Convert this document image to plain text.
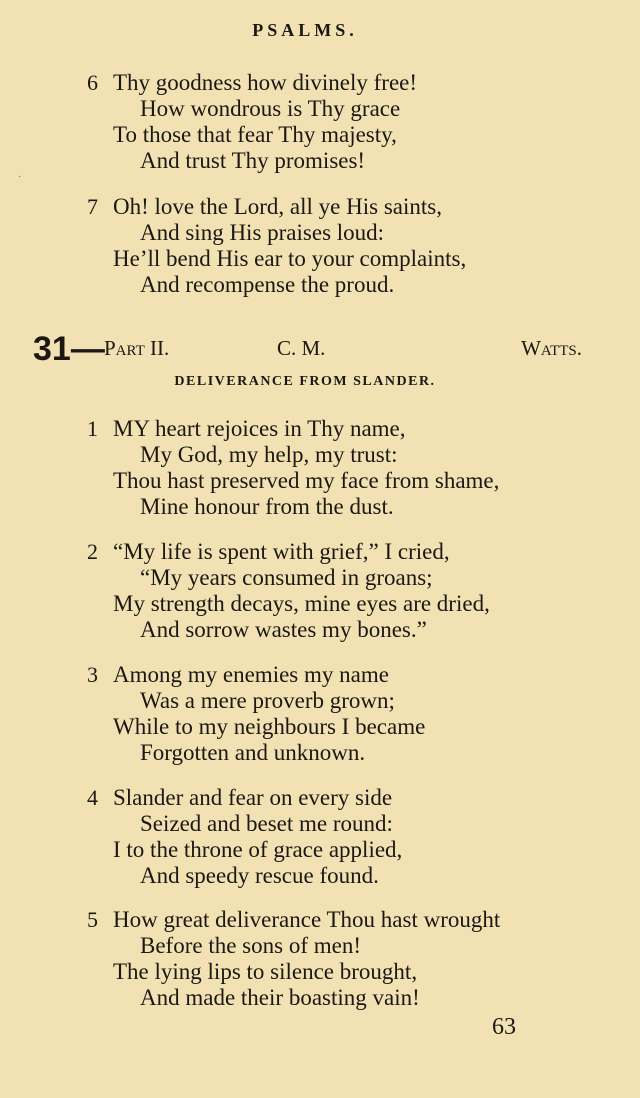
·
PSALMS.
6 Thy goodness how divinely free!
How wondrous is Thy grace
To those that fear Thy majesty,
And trust Thy promises!
7 Oh! love the Lord, all ye His saints,
And sing His praises loud:
He’ll bend His ear to your complaints,
And recompense the proud.
31— Part II.	C. M.	Watts.
DELIVERANCE FROM SLANDER.
1 MY heart rejoices in Thy name,
My God, my help, my trust:
Thou hast preserved my face from shame,
Mine honour from the dust.
2 “My life is spent with grief,” I cried,
“My years consumed in groans;
My strength decays, mine eyes are dried,
And sorrow wastes my bones.”
3 Among my enemies my name
Was a mere proverb grown;
While to my neighbours I became
Forgotten and unknown.
4 Slander and fear on every side
Seized and beset me round:
I to the throne of grace applied,
And speedy rescue found.
5 How great deliverance Thou hast wrought
Before the sons of men!
The lying lips to silence brought,
And made their boasting vain!
63
